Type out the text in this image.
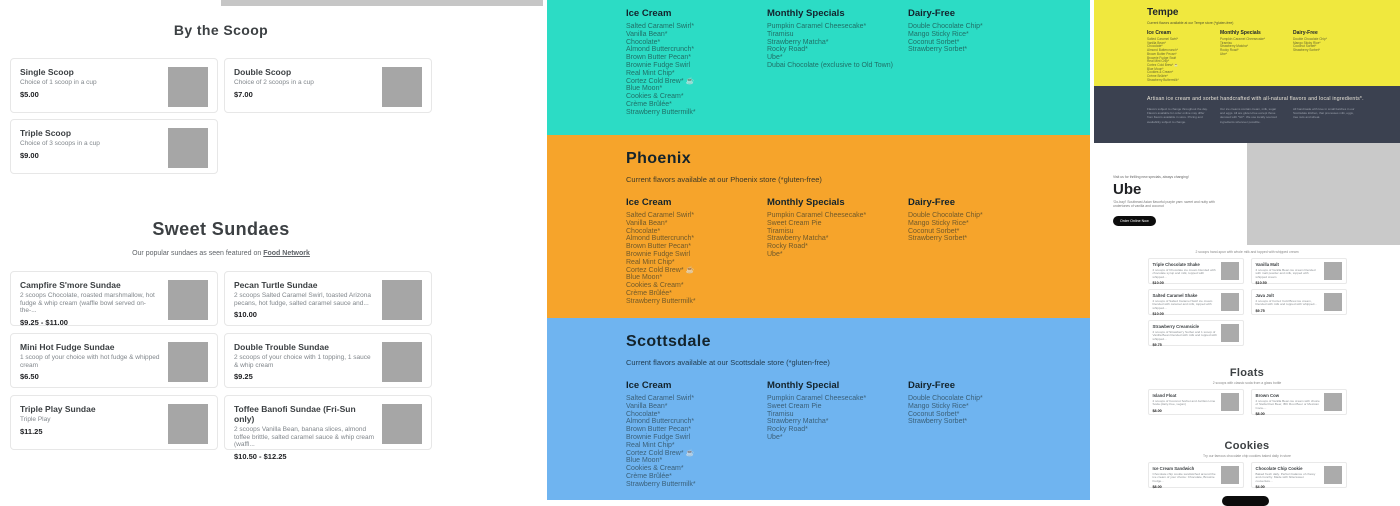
By the Scoop
Single Scoop
Choice of 1 scoop in a cup
$5.00
Double Scoop
Choice of 2 scoops in a cup
$7.00
Triple Scoop
Choice of 3 scoops in a cup
$9.00
Sweet Sundaes
Our popular sundaes as seen featured on Food Network
Campfire S'more Sundae
2 scoops Chocolate, roasted marshmallow, hot fudge & whip cream (waffle bowl served on-the-...
$9.25 - $11.00
Pecan Turtle Sundae
2 scoops Salted Caramel Swirl, toasted Arizona pecans, hot fudge, salted caramel sauce and...
$10.00
Mini Hot Fudge Sundae
1 scoop of your choice with hot fudge & whipped cream
$6.50
Double Trouble Sundae
2 scoops of your choice with 1 topping, 1 sauce & whip cream
$9.25
Triple Play Sundae
Triple Play
$11.25
Toffee Banofi Sundae (Fri-Sun only)
2 scoops Vanilla Bean, banana slices, almond toffee brittle, salted caramel sauce & whip cream (waffl...
$10.50 - $12.25
Ice Cream
Salted Caramel Swirl*
Vanilla Bean*
Chocolate*
Almond Buttercrunch*
Brown Butter Pecan*
Brownie Fudge Swirl
Real Mint Chip*
Cortez Cold Brew* ☕
Blue Moon*
Cookies & Cream*
Crème Brûlée*
Strawberry Buttermilk*
Monthly Specials
Pumpkin Caramel Cheesecake*
Tiramisu
Strawberry Matcha*
Rocky Road*
Ube*
Dubai Chocolate (exclusive to Old Town)
Dairy-Free
Double Chocolate Chip*
Mango Sticky Rice*
Coconut Sorbet*
Strawberry Sorbet*
Phoenix
Current flavors available at our Phoenix store (*gluten-free)
Ice Cream
Salted Caramel Swirl*
Vanilla Bean*
Chocolate*
Almond Buttercrunch*
Brown Butter Pecan*
Brownie Fudge Swirl
Real Mint Chip*
Cortez Cold Brew* ☕
Blue Moon*
Cookies & Cream*
Crème Brûlée*
Strawberry Buttermilk*
Monthly Specials
Pumpkin Caramel Cheesecake*
Sweet Cream Pie
Tiramisu
Strawberry Matcha*
Rocky Road*
Ube*
Dairy-Free
Double Chocolate Chip*
Mango Sticky Rice*
Coconut Sorbet*
Strawberry Sorbet*
Scottsdale
Current flavors available at our Scottsdale store (*gluten-free)
Ice Cream
Salted Caramel Swirl*
Vanilla Bean*
Chocolate*
Almond Buttercrunch*
Brown Butter Pecan*
Brownie Fudge Swirl
Real Mint Chip*
Cortez Cold Brew* ☕
Blue Moon*
Cookies & Cream*
Crème Brûlée*
Strawberry Buttermilk*
Monthly Special
Pumpkin Caramel Cheesecake*
Sweet Cream Pie
Tiramisu
Strawberry Matcha*
Rocky Road*
Ube*
Dairy-Free
Double Chocolate Chip*
Mango Sticky Rice*
Coconut Sorbet*
Strawberry Sorbet*
Tempe
Current flavors available at our Tempe store (*gluten-free)
Ice Cream
Salted Caramel Swirl*
Vanilla Bean*
Chocolate*
Almond Buttercrunch*
Brown Butter Pecan*
Brownie Fudge Swirl
Real Mint Chip*
Cortez Cold Brew* ☕
Blue Moon*
Cookies & Cream*
Crème Brûlée*
Strawberry Buttermilk*
Monthly Specials
Pumpkin Caramel Cheesecake*
Tiramisu
Strawberry Matcha*
Rocky Road*
Ube*
Dairy-Free
Double Chocolate Chip*
Mango Sticky Rice*
Coconut Sorbet*
Strawberry Sorbet*
Artisan ice cream and sorbet handcrafted with all-natural flavors and local ingredients*.
Flavors subject to change throughout the day. Flavors available for order online may differ from flavors available in store. Pricing and availability subject to change.
Our ice creams contain cream, milk, sugar and eggs. All are gluten-free except those denoted with *GF*. We use locally sourced ingredients wherever possible.
All handmade with love in small batches in our Scottsdale kitchen, that processes milk, eggs, tree nuts and wheat.
Visit us for thrilling new specials, always changing!
Ube
'Oo-bay'! Southeast Asian flavorful purple yam: sweet and nutty with undertones of vanilla and coconut
Order Online Now
2 scoops hand-spun with whole milk and topped with whipped cream
Triple Chocolate Shake
2 scoops of Chocolate ice cream blended with chocolate syrup and milk, topped with whipped...
$10.00
Vanilla Malt
2 scoops of Vanilla Bean ice cream blended with malt powder and milk, topped with whipped cream
$10.50
Salted Caramel Shake
2 scoops of Salted Caramel Swirl ice cream blended with caramel and milk, topped with whipped...
$10.00
Java Jolt
2 scoops of Cortez Cold Brew ice cream, blended with milk and topped with whipped...
$9.75
Strawberry Creamsicle
2 scoops of Strawberry Sorbet and 1 scoop of Vanilla Bean blended with milk and topped with whipped...
$9.75
Floats
2 scoops with classic soda from a glass bottle
Island Float
2 scoops of Coconut Sorbet and Jarritos Lime Soda (dairy-free, vegan)
$8.00
Brown Cow
2 scoops of Vanilla Bean ice cream with choice of Stella Root Beer, IBC Root Beer or Mexican Coca-...
$8.00
Cookies
Try our famous chocolate chip cookies baked daily in store
Ice Cream Sandwich
Chocolate chip cookie sandwiched around the ice cream of your choice: Chocolate, Brownie Fudge...
$8.00
Chocolate Chip Cookie
Baked fresh daily. Perfect balance of chewy and crunchy. Made with bittersweet couverture...
$4.00
